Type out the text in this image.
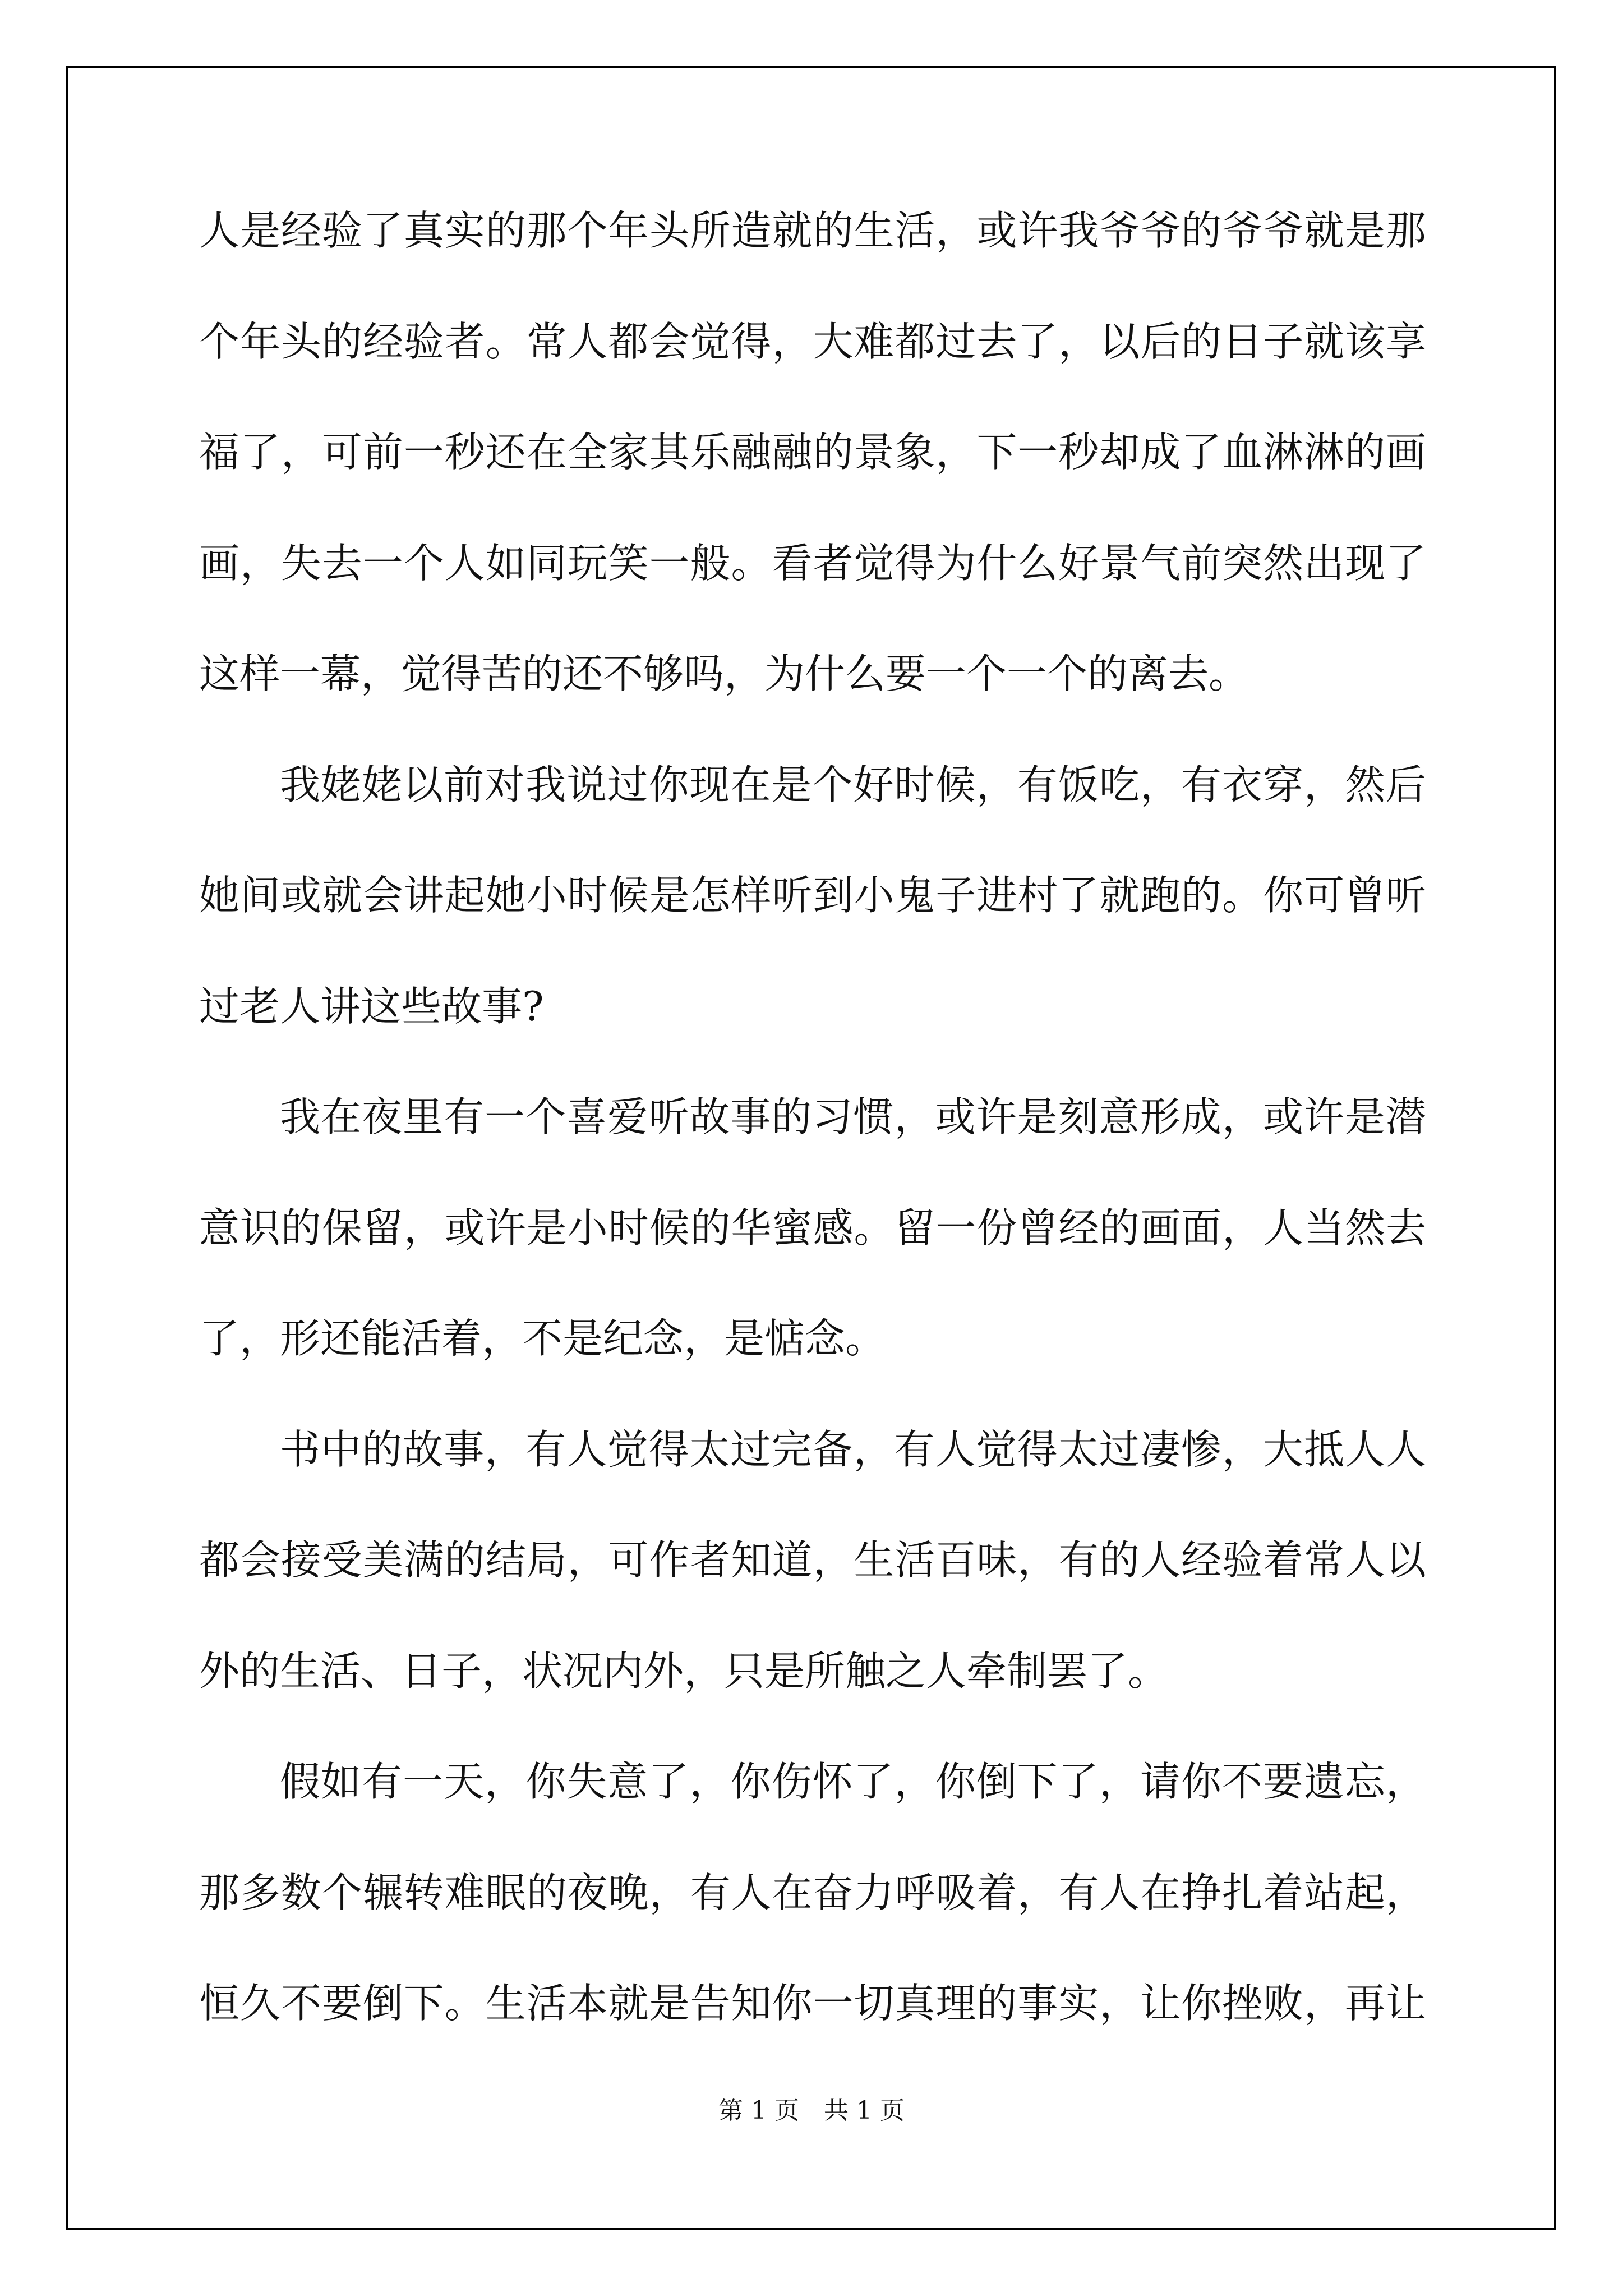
人是经验了真实的那个年头所造就的生活，或许我爷爷的爷爷就是那
个年头的经验者。常人都会觉得，大难都过去了，以后的日子就该享
福了，可前一秒还在全家其乐融融的景象，下一秒却成了血淋淋的画
画，失去一个人如同玩笑一般。看者觉得为什么好景气前突然出现了
这样一幕，觉得苦的还不够吗，为什么要一个一个的离去。
我姥姥以前对我说过你现在是个好时候，有饭吃，有衣穿，然后
她间或就会讲起她小时候是怎样听到小鬼子进村了就跑的。你可曾听
过老人讲这些故事?
我在夜里有一个喜爱听故事的习惯，或许是刻意形成，或许是潜
意识的保留，或许是小时候的华蜜感。留一份曾经的画面，人当然去
了，形还能活着，不是纪念，是惦念。
书中的故事，有人觉得太过完备，有人觉得太过凄惨，大抵人人
都会接受美满的结局，可作者知道，生活百味，有的人经验着常人以
外的生活、日子，状况内外，只是所触之人牵制罢了。
假如有一天，你失意了，你伤怀了，你倒下了，请你不要遗忘，
那多数个辗转难眠的夜晚，有人在奋力呼吸着，有人在挣扎着站起，
恒久不要倒下。生活本就是告知你一切真理的事实，让你挫败，再让
第 1 页 共 1 页
